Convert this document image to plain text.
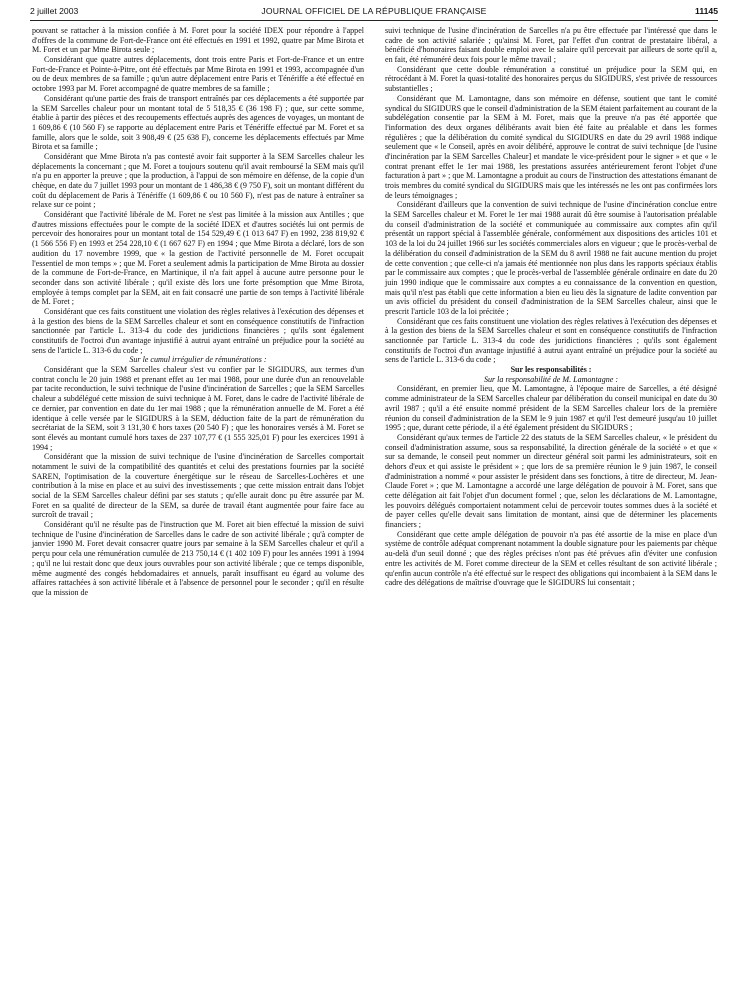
2 juillet 2003	JOURNAL OFFICIEL DE LA RÉPUBLIQUE FRANÇAISE	11145

pouvant se rattacher à la mission confiée à M. Foret pour la société IDEX pour répondre à l'appel d'offres de la commune de Fort-de-France ont été effectués en 1991 et 1992, quatre par Mme Birota et M. Foret et un par Mme Birota seule ;

Considérant que quatre autres déplacements, dont trois entre Paris et Fort-de-France et un entre Fort-de-France et Pointe-à-Pitre, ont été effectués par Mme Birota en 1991 et 1993, accompagnée d'un ou de deux membres de sa famille ; qu'un autre déplacement entre Paris et Ténériffe a été effectué en octobre 1993 par M. Foret accompagné de quatre membres de sa famille ;

Considérant qu'une partie des frais de transport entraînés par ces déplacements a été supportée par la SEM Sarcelles chaleur pour un montant total de 5 518,35 € (36 198 F) ; que, sur cette somme, établie à partir des pièces et des recoupements effectués auprès des agences de voyages, un montant de 1 609,86 € (10 560 F) se rapporte au déplacement entre Paris et Ténériffe effectué par M. Foret et sa famille, alors que le solde, soit 3 908,49 € (25 638 F), concerne les déplacements effectués par Mme Birota et sa famille ;

Considérant que Mme Birota n'a pas contesté avoir fait supporter à la SEM Sarcelles chaleur les déplacements la concernant ; que M. Foret a toujours soutenu qu'il avait remboursé la SEM mais qu'il n'a pu en apporter la preuve ; que la production, à l'appui de son mémoire en défense, de la copie d'un chèque, en date du 7 juillet 1993 pour un montant de 1 486,38 € (9 750 F), soit un montant différent du coût du déplacement de Paris à Ténériffe (1 609,86 € ou 10 560 F), n'est pas de nature à entraîner sa relaxe sur ce point ;

Considérant que l'activité libérale de M. Foret ne s'est pas limitée à la mission aux Antilles ; que d'autres missions effectuées pour le compte de la société IDEX et d'autres sociétés lui ont permis de percevoir des honoraires pour un montant total de 154 529,49 € (1 013 647 F) en 1992, 238 819,92 € (1 566 556 F) en 1993 et 254 228,10 € (1 667 627 F) en 1994 ; que Mme Birota a déclaré, lors de son audition du 17 novembre 1999, que « la gestion de l'activité personnelle de M. Foret occupait l'essentiel de mon temps » ; que M. Foret a seulement admis la participation de Mme Birota au dossier de la commune de Fort-de-France, en Martinique, il n'a fait appel à aucune autre personne pour le seconder dans son activité libérale ; qu'il existe dès lors une forte présomption que Mme Birota, employée à temps complet par la SEM, ait en fait consacré une partie de son temps à l'activité libérale de M. Foret ;

Considérant que ces faits constituent une violation des règles relatives à l'exécution des dépenses et à la gestion des biens de la SEM Sarcelles chaleur et sont en conséquence constitutifs de l'infraction sanctionnée par l'article L. 313-4 du code des juridictions financières ; qu'ils sont également constitutifs de l'octroi d'un avantage injustifié à autrui ayant entraîné un préjudice pour la société au sens de l'article L. 313-6 du code ;

Sur le cumul irrégulier de rémunérations :

Considérant que la SEM Sarcelles chaleur s'est vu confier par le SIGIDURS, aux termes d'un contrat conclu le 20 juin 1988 et prenant effet au 1er mai 1988, pour une durée d'un an renouvelable par tacite reconduction, le suivi technique de l'usine d'incinération de Sarcelles ; que la SEM Sarcelles chaleur a subdélégué cette mission de suivi technique à M. Foret, dans le cadre de l'activité libérale de ce dernier, par convention en date du 1er mai 1988 ; que la rémunération annuelle de M. Foret a été identique à celle versée par le SIGIDURS à la SEM, déduction faite de la part de rémunération du secrétariat de la SEM, soit 3 131,30 € hors taxes (20 540 F) ; que les honoraires versés à M. Foret se sont élevés au montant cumulé hors taxes de 237 107,77 € (1 555 325,01 F) pour les exercices 1991 à 1994 ;

Considérant que la mission de suivi technique de l'usine d'incinération de Sarcelles comportait notamment le suivi de la compatibilité des quantités et celui des prestations fournies par la société SAREN, l'optimisation de la couverture énergétique sur le réseau de Sarcelles-Lochères et une contribution à la mise en place et au suivi des investissements ; que cette mission entrait dans l'objet social de la SEM Sarcelles chaleur défini par ses statuts ; qu'elle aurait donc pu être assurée par M. Foret en sa qualité de directeur de la SEM, sa durée de travail étant augmentée pour faire face au surcroît de travail ;

Considérant qu'il ne résulte pas de l'instruction que M. Foret ait bien effectué la mission de suivi technique de l'usine d'incinération de Sarcelles dans le cadre de son activité libérale ; qu'à compter de janvier 1990 M. Foret devait consacrer quatre jours par semaine à la SEM Sarcelles chaleur et qu'il a perçu pour cela une rémunération cumulée de 213 750,14 € (1 402 109 F) pour les années 1991 à 1994 ; qu'il ne lui restait donc que deux jours ouvrables pour son activité libérale ; que ce temps disponible, même augmenté des congés hebdomadaires et annuels, paraît insuffisant eu égard au volume des affaires rattachées à son activité libérale et à l'absence de personnel pour le seconder ; qu'il en résulte que la mission de

suivi technique de l'usine d'incinération de Sarcelles n'a pu être effectuée par l'intéressé que dans le cadre de son activité salariée ; qu'ainsi M. Foret, par l'effet d'un contrat de prestataire libéral, a bénéficié d'honoraires faisant double emploi avec le salaire qu'il percevait par ailleurs de sorte qu'il a, en fait, été rémunéré deux fois pour le même travail ;

Considérant que cette double rémunération a constitué un préjudice pour la SEM qui, en rétrocédant à M. Foret la quasi-totalité des honoraires perçus du SIGIDURS, s'est privée de ressources substantielles ;

Considérant que M. Lamontagne, dans son mémoire en défense, soutient que tant le comité syndical du SIGIDURS que le conseil d'administration de la SEM étaient parfaitement au courant de la subdélégation consentie par la SEM à M. Foret, mais que la preuve n'a pas été apportée que l'information des deux organes délibérants avait bien été faite au préalable et dans les formes régulières ; que la délibération du comité syndical du SIGIDURS en date du 29 avril 1988 indique seulement que « le Conseil, après en avoir délibéré, approuve le contrat de suivi technique [de l'usine d'incinération par la SEM Sarcelles Chaleur] et mandate le vice-président pour le signer » et que « le contrat prenant effet le 1er mai 1988, les prestations assurées antérieurement feront l'objet d'une facturation à part » ; que M. Lamontagne a produit au cours de l'instruction des attestations émanant de trois membres du comité syndical du SIGIDURS mais que les intéressés ne les ont pas confirmées lors de leurs témoignages ;

Considérant d'ailleurs que la convention de suivi technique de l'usine d'incinération conclue entre la SEM Sarcelles chaleur et M. Foret le 1er mai 1988 aurait dû être soumise à l'autorisation préalable du conseil d'administration de la société et communiquée au commissaire aux comptes afin qu'il présentât un rapport spécial à l'assemblée générale, conformément aux dispositions des articles 101 et 103 de la loi du 24 juillet 1966 sur les sociétés commerciales alors en vigueur ; que le procès-verbal de la délibération du conseil d'administration de la SEM du 8 avril 1988 ne fait aucune mention du projet de cette convention ; que celle-ci n'a jamais été mentionnée non plus dans les rapports spéciaux établis par le commissaire aux comptes ; que le procès-verbal de l'assemblée générale ordinaire en date du 20 juin 1990 indique que le commissaire aux comptes a eu connaissance de la convention en question, mais qu'il n'est pas établi que cette information a bien eu lieu dès la signature de ladite convention par un avis officiel du président du conseil d'administration de la SEM Sarcelles chaleur, ainsi que le prescrit l'article 103 de la loi précitée ;

Considérant que ces faits constituent une violation des règles relatives à l'exécution des dépenses et à la gestion des biens de la SEM Sarcelles chaleur et sont en conséquence constitutifs de l'infraction sanctionnée par l'article L. 313-4 du code des juridictions financières ; qu'ils sont également constitutifs de l'octroi d'un avantage injustifié à autrui ayant entraîné un préjudice pour la société au sens de l'article L. 313-6 du code ;

Sur les responsabilités :

Sur la responsabilité de M. Lamontagne :

Considérant, en premier lieu, que M. Lamontagne, à l'époque maire de Sarcelles, a été désigné comme administrateur de la SEM Sarcelles chaleur par délibération du conseil municipal en date du 30 avril 1987 ; qu'il a été ensuite nommé président de la SEM Sarcelles chaleur lors de la première réunion du conseil d'administration de la SEM le 9 juin 1987 et qu'il l'est demeuré jusqu'au 10 juillet 1995 ; que, durant cette période, il a été également président du SIGIDURS ;

Considérant qu'aux termes de l'article 22 des statuts de la SEM Sarcelles chaleur, « le président du conseil d'administration assume, sous sa responsabilité, la direction générale de la société » et que « sur sa demande, le conseil peut nommer un directeur général soit parmi les administrateurs, soit en dehors d'eux et qui assiste le président » ; que lors de sa première réunion le 9 juin 1987, le conseil d'administration a nommé « pour assister le président dans ses fonctions, à titre de directeur, M. Jean-Claude Foret » ; que M. Lamontagne a accordé une large délégation de pouvoir à M. Foret, sans que cette délégation ait fait l'objet d'un document formel ; que, selon les déclarations de M. Lamontagne, les pouvoirs délégués comportaient notamment celui de percevoir toutes sommes dues à la société et de payer celles qu'elle devait sans limitation de montant, ainsi que de déterminer les placements financiers ;

Considérant que cette ample délégation de pouvoir n'a pas été assortie de la mise en place d'un système de contrôle adéquat comprenant notamment la double signature pour les paiements par chèque au-delà d'un seuil donné ; que des règles précises n'ont pas été prévues afin d'éviter une confusion entre les activités de M. Foret comme directeur de la SEM et celles résultant de son activité libérale ; qu'enfin aucun contrôle n'a été effectué sur le respect des obligations qui incombaient à la SEM dans le cadre des délégations de maîtrise d'ouvrage que le SIGIDURS lui consentait ;
